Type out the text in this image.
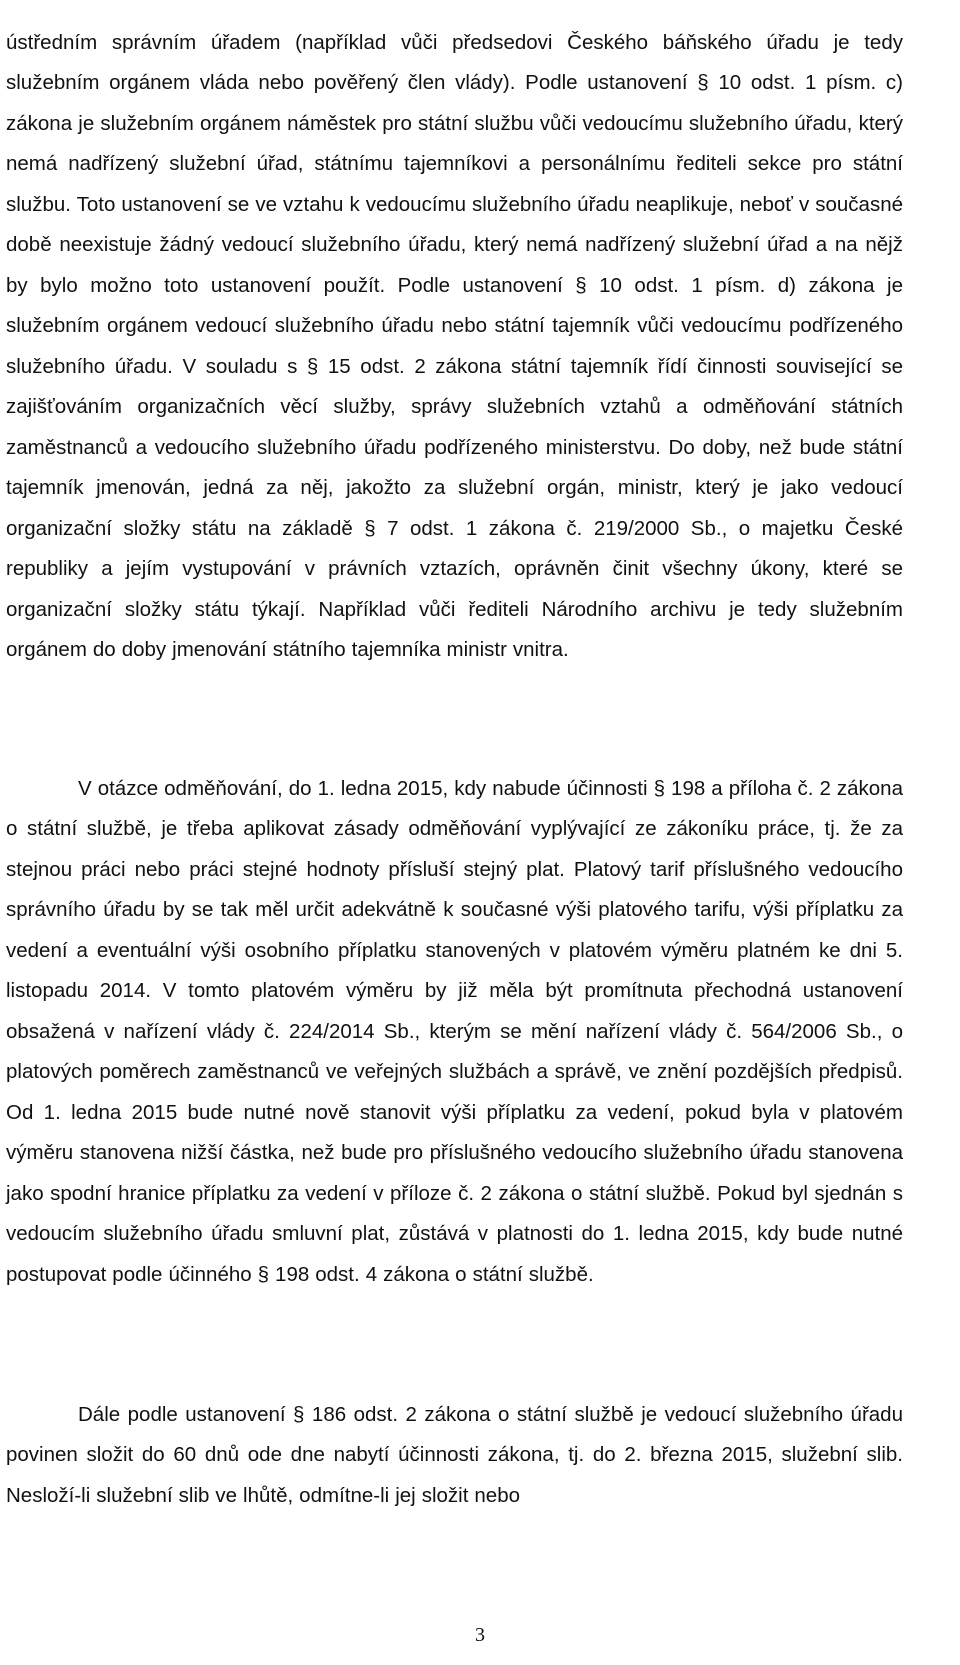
ústředním správním úřadem (například vůči předsedovi Českého báňského úřadu je tedy služebním orgánem vláda nebo pověřený člen vlády). Podle ustanovení § 10 odst. 1 písm. c) zákona je služebním orgánem náměstek pro státní službu vůči vedoucímu služebního úřadu, který nemá nadřízený služební úřad, státnímu tajemníkovi a personálnímu řediteli sekce pro státní službu. Toto ustanovení se ve vztahu k vedoucímu služebního úřadu neaplikuje, neboť v současné době neexistuje žádný vedoucí služebního úřadu, který nemá nadřízený služební úřad a na nějž by bylo možno toto ustanovení použít. Podle ustanovení § 10 odst. 1 písm. d) zákona je služebním orgánem vedoucí služebního úřadu nebo státní tajemník vůči vedoucímu podřízeného služebního úřadu. V souladu s § 15 odst. 2 zákona státní tajemník řídí činnosti související se zajišťováním organizačních věcí služby, správy služebních vztahů a odměňování státních zaměstnanců a vedoucího služebního úřadu podřízeného ministerstvu. Do doby, než bude státní tajemník jmenován, jedná za něj, jakožto za služební orgán, ministr, který je jako vedoucí organizační složky státu na základě § 7 odst. 1 zákona č. 219/2000 Sb., o majetku České republiky a jejím vystupování v právních vztazích, oprávněn činit všechny úkony, které se organizační složky státu týkají. Například vůči řediteli Národního archivu je tedy služebním orgánem do doby jmenování státního tajemníka ministr vnitra.

V otázce odměňování, do 1. ledna 2015, kdy nabude účinnosti § 198 a příloha č. 2 zákona o státní službě, je třeba aplikovat zásady odměňování vyplývající ze zákoníku práce, tj. že za stejnou práci nebo práci stejné hodnoty přísluší stejný plat. Platový tarif příslušného vedoucího správního úřadu by se tak měl určit adekvátně k současné výši platového tarifu, výši příplatku za vedení a eventuální výši osobního příplatku stanovených v platovém výměru platném ke dni 5. listopadu 2014. V tomto platovém výměru by již měla být promítnuta přechodná ustanovení obsažená v nařízení vlády č. 224/2014 Sb., kterým se mění nařízení vlády č. 564/2006 Sb., o platových poměrech zaměstnanců ve veřejných službách a správě, ve znění pozdějších předpisů. Od 1. ledna 2015 bude nutné nově stanovit výši příplatku za vedení, pokud byla v platovém výměru stanovena nižší částka, než bude pro příslušného vedoucího služebního úřadu stanovena jako spodní hranice příplatku za vedení v příloze č. 2 zákona o státní službě. Pokud byl sjednán s vedoucím služebního úřadu smluvní plat, zůstává v platnosti do 1. ledna 2015, kdy bude nutné postupovat podle účinného § 198 odst. 4 zákona o státní službě.

Dále podle ustanovení § 186 odst. 2 zákona o státní službě je vedoucí služebního úřadu povinen složit do 60 dnů ode dne nabytí účinnosti zákona, tj. do 2. března 2015, služební slib. Nesloží-li služební slib ve lhůtě, odmítne-li jej složit nebo

3
